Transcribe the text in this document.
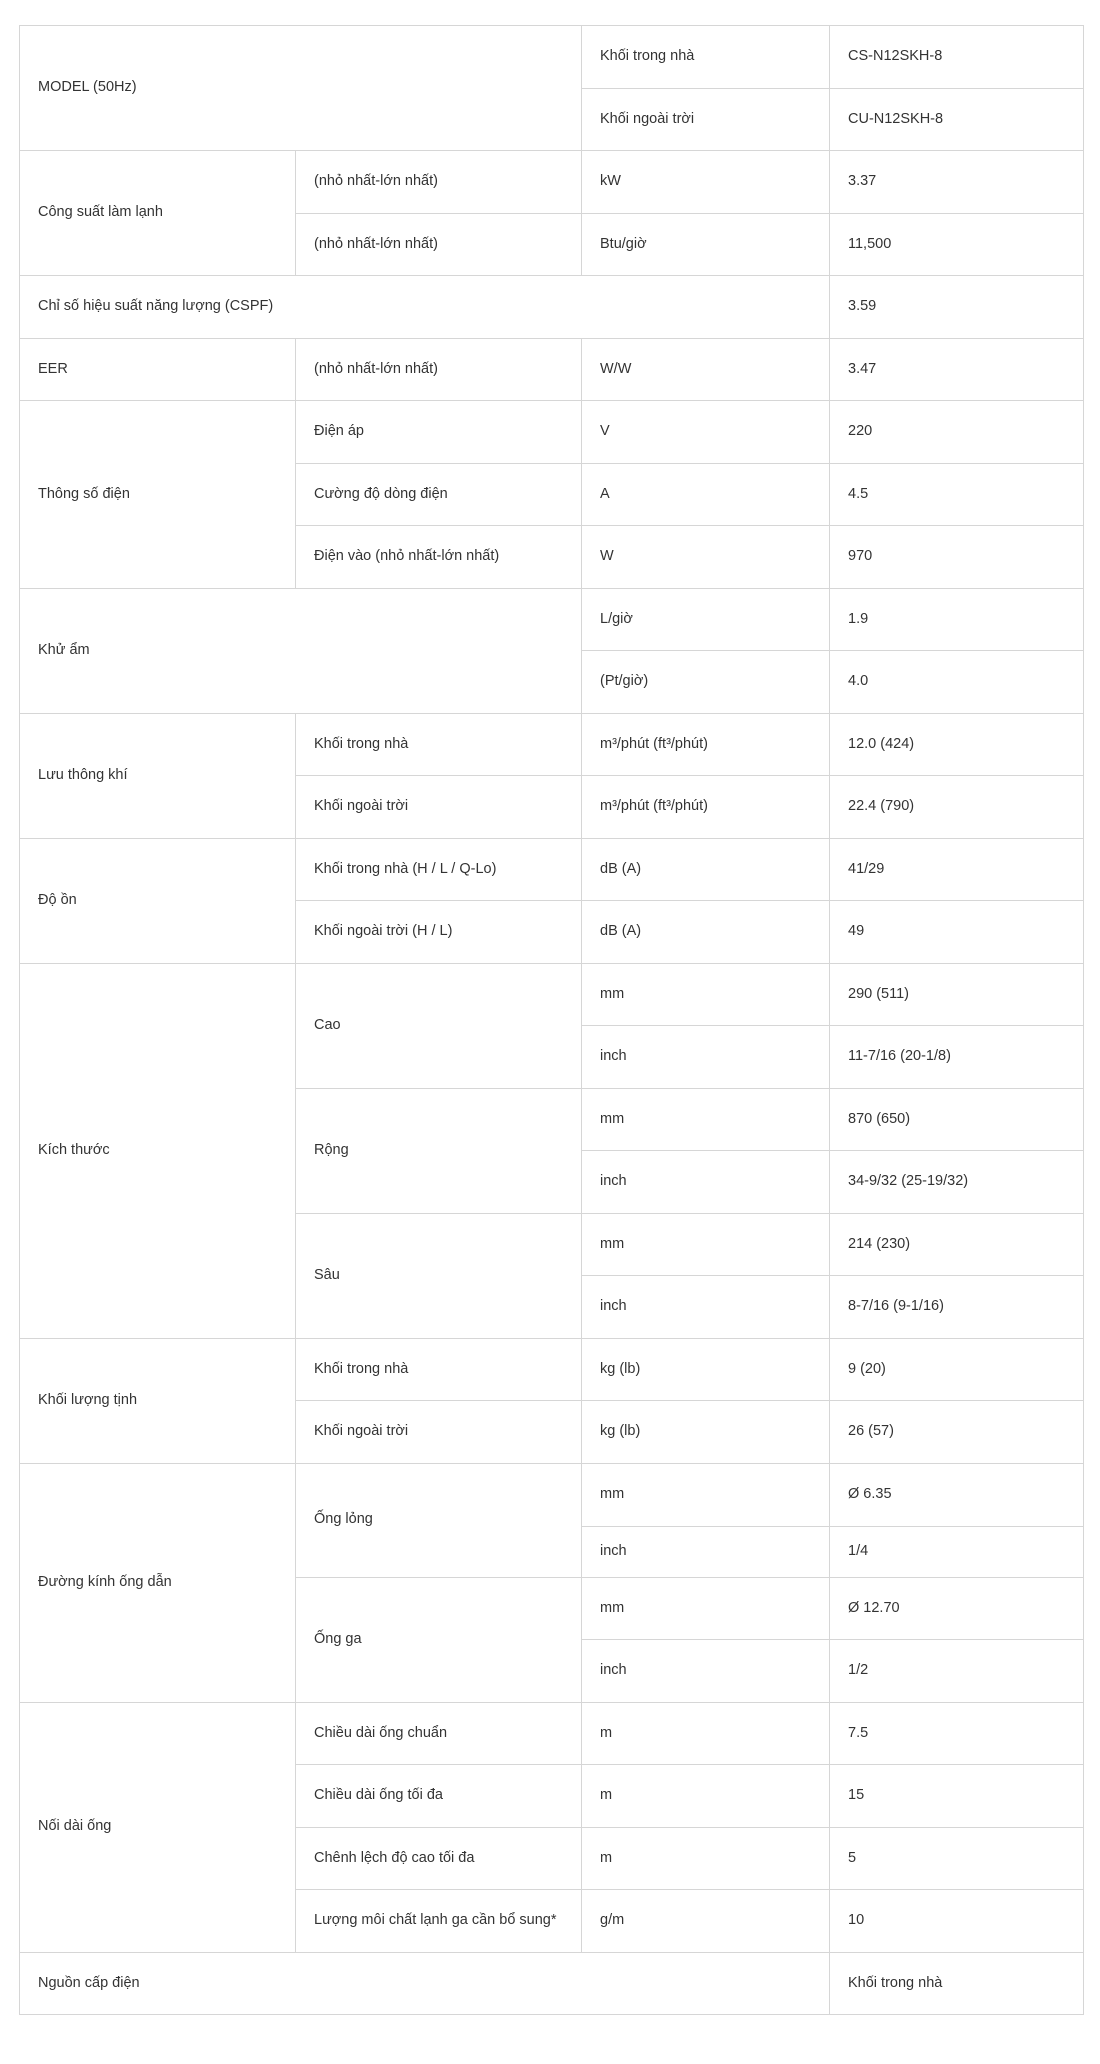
MODEL (50Hz)		Khối trong nhà	CS-N12SKH-8
		Khối ngoài trời	CU-N12SKH-8
Công suất làm lạnh	(nhỏ nhất-lớn nhất)	kW	3.37
	(nhỏ nhất-lớn nhất)	Btu/giờ	11,500
Chỉ số hiệu suất năng lượng (CSPF)			3.59
EER	(nhỏ nhất-lớn nhất)	W/W	3.47
Thông số điện	Điện áp	V	220
	Cường độ dòng điện	A	4.5
	Điện vào (nhỏ nhất-lớn nhất)	W	970
Khử ẩm		L/giờ	1.9
		(Pt/giờ)	4.0
Lưu thông khí	Khối trong nhà	m³/phút (ft³/phút)	12.0 (424)
	Khối ngoài trời	m³/phút (ft³/phút)	22.4 (790)
Độ ồn	Khối trong nhà (H / L / Q-Lo)	dB (A)	41/29
	Khối ngoài trời (H / L)	dB (A)	49
Kích thước	Cao	mm	290 (511)
		inch	11-7/16 (20-1/8)
	Rộng	mm	870 (650)
		inch	34-9/32 (25-19/32)
	Sâu	mm	214 (230)
		inch	8-7/16 (9-1/16)
Khối lượng tịnh	Khối trong nhà	kg (lb)	9 (20)
	Khối ngoài trời	kg (lb)	26 (57)
Đường kính ống dẫn	Ống lỏng	mm	Ø 6.35
		inch	1/4
	Ống ga	mm	Ø 12.70
		inch	1/2
Nối dài ống	Chiều dài ống chuẩn	m	7.5
	Chiều dài ống tối đa	m	15
	Chênh lệch độ cao tối đa	m	5
	Lượng môi chất lạnh ga cần bổ sung*	g/m	10
Nguồn cấp điện			Khối trong nhà
